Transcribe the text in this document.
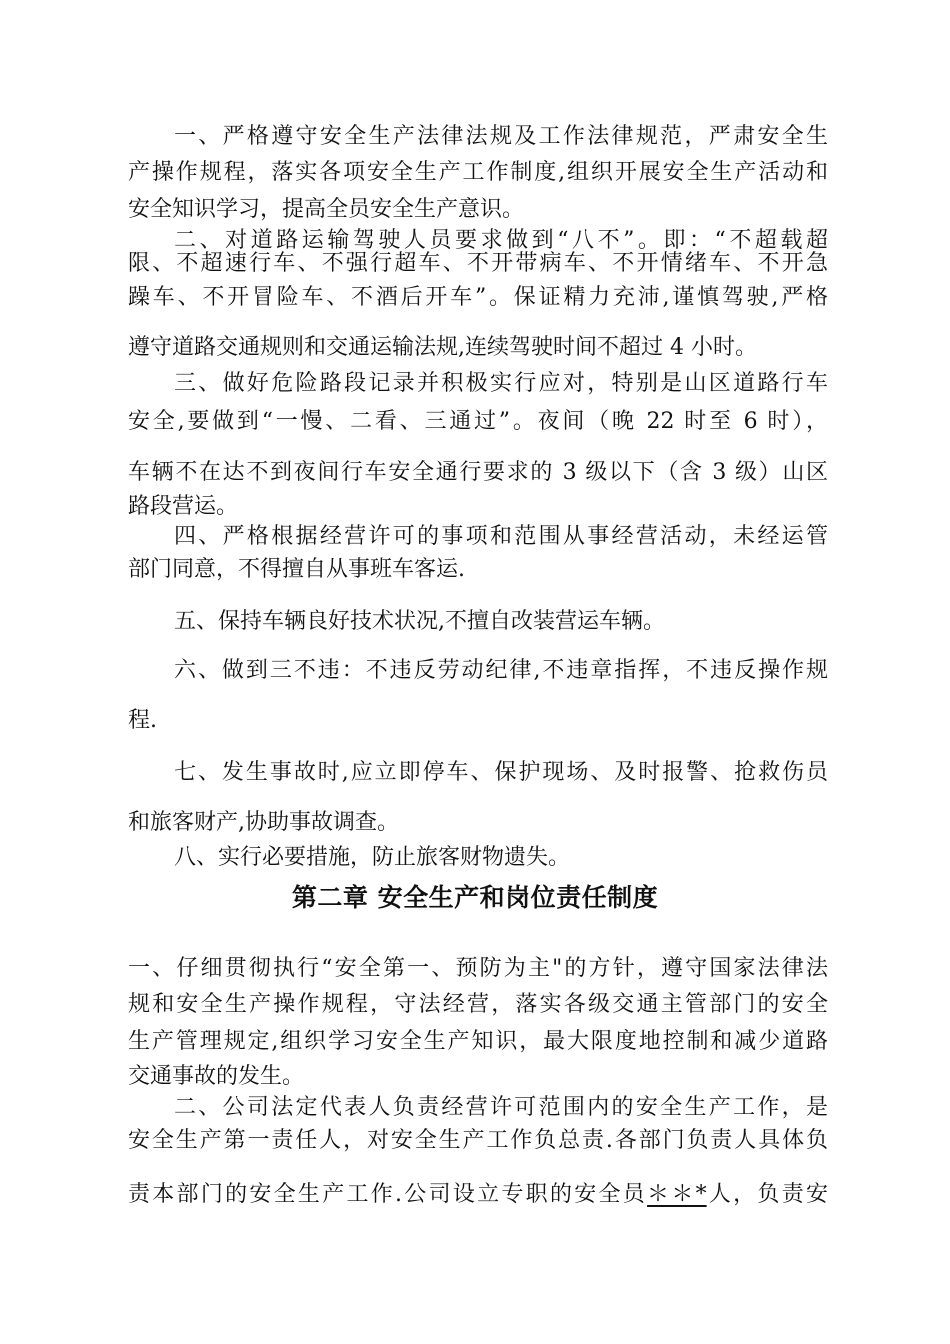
一、严格遵守安全生产法律法规及工作法律规范，严肃安全生
产操作规程，落实各项安全生产工作制度,组织开展安全生产活动和
安全知识学习，提高全员安全生产意识。
二、对道路运输驾驶人员要求做到“八不”。即：“不超载超
限、不超速行车、不强行超车、不开带病车、不开情绪车、不开急
躁车、不开冒险车、不酒后开车”。保证精力充沛,谨慎驾驶,严格
遵守道路交通规则和交通运输法规,连续驾驶时间不超过 4 小时。
三、做好危险路段记录并积极实行应对，特别是山区道路行车
安全,要做到“一慢、二看、三通过”。夜间（晚 22 时至 6 时），
车辆不在达不到夜间行车安全通行要求的 3 级以下（含 3 级）山区
路段营运。
四、严格根据经营许可的事项和范围从事经营活动，未经运管
部门同意，不得擅自从事班车客运.
五、保持车辆良好技术状况,不擅自改装营运车辆。
六、做到三不违：不违反劳动纪律,不违章指挥，不违反操作规
程.
七、发生事故时,应立即停车、保护现场、及时报警、抢救伤员
和旅客财产,协助事故调查。
八、实行必要措施，防止旅客财物遗失。
第二章 安全生产和岗位责任制度
一、仔细贯彻执行“安全第一、预防为主"的方针，遵守国家法律法
规和安全生产操作规程，守法经营，落实各级交通主管部门的安全
生产管理规定,组织学习安全生产知识，最大限度地控制和减少道路
交通事故的发生。
二、公司法定代表人负责经营许可范围内的安全生产工作，是
安全生产第一责任人，对安全生产工作负总责.各部门负责人具体负
责本部门的安全生产工作.公司设立专职的安全员＊＊*人，负责安
